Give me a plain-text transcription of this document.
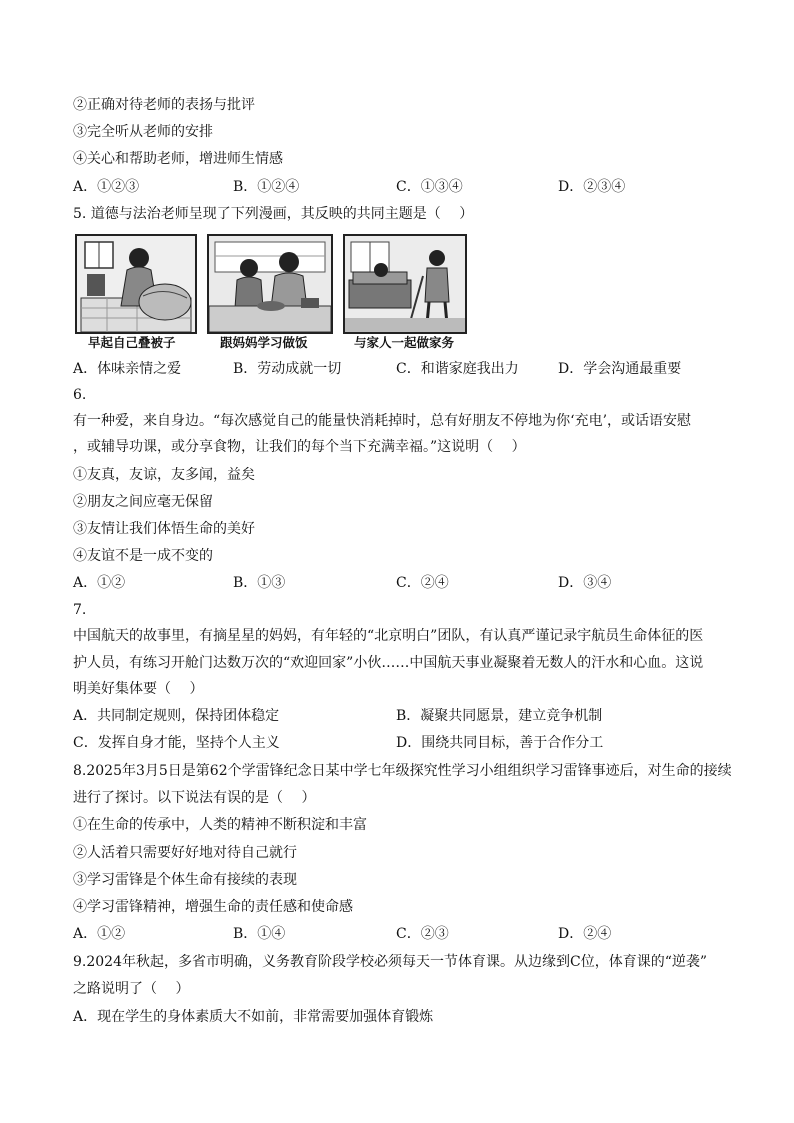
②正确对待老师的表扬与批评
③完全听从老师的安排
④关心和帮助老师，增进师生情感
A．①②③	B．①②④	C．①③④	D．②③④
5. 道德与法治老师呈现了下列漫画，其反映的共同主题是（　 ）
早起自己叠被子	跟妈妈学习做饭	与家人一起做家务
A．体味亲情之爱	B．劳动成就一切	C．和谐家庭我出力	D．学会沟通最重要
6.
有一种爱，来自身边。“每次感觉自己的能量快消耗掉时，总有好朋友不停地为你‘充电’，或话语安慰
，或辅导功课，或分享食物，让我们的每个当下充满幸福。”这说明（　 ）
①友真，友谅，友多闻，益矣
②朋友之间应毫无保留
③友情让我们体悟生命的美好
④友谊不是一成不变的
A．①②	B．①③	C．②④	D．③④
7.
中国航天的故事里，有摘星星的妈妈，有年轻的“北京明白”团队，有认真严谨记录宇航员生命体征的医
护人员，有练习开舱门达数万次的“欢迎回家”小伙……中国航天事业凝聚着无数人的汗水和心血。这说
明美好集体要（　 ）
A．共同制定规则，保持团体稳定	B．凝聚共同愿景，建立竞争机制
C．发挥自身才能，坚持个人主义	D．围绕共同目标，善于合作分工
8.2025年3月5日是第62个学雷锋纪念日某中学七年级探究性学习小组组织学习雷锋事迹后，对生命的接续
进行了探讨。以下说法有误的是（　 ）
①在生命的传承中，人类的精神不断积淀和丰富
②人活着只需要好好地对待自己就行
③学习雷锋是个体生命有接续的表现
④学习雷锋精神，增强生命的责任感和使命感
A．①②	B．①④	C．②③	D．②④
9.2024年秋起，多省市明确，义务教育阶段学校必须每天一节体育课。从边缘到C位，体育课的“逆袭”
之路说明了（　 ）
A．现在学生的身体素质大不如前，非常需要加强体育锻炼
